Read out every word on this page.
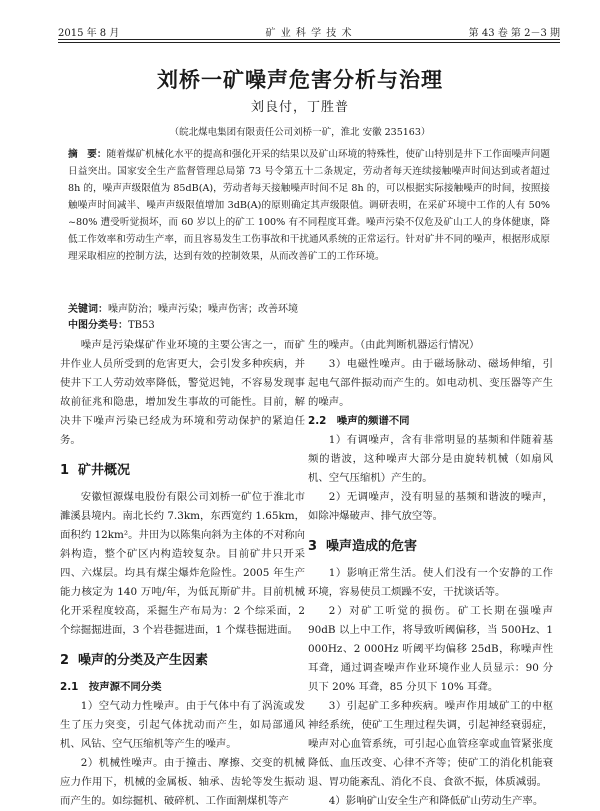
2015 年 8 月	矿 业 科 学 技 术	第 43 卷 第 2－3 期
刘桥一矿噪声危害分析与治理
刘良付，丁胜普
（皖北煤电集团有限责任公司刘桥一矿，淮北 安徽 235163）
摘　要：随着煤矿机械化水平的提高和强化开采的结果以及矿山环境的特殊性，使矿山特别是井下工作面噪声问题日益突出。国家安全生产监督管理总局第 73 号令第五十二条规定，劳动者每天连续接触噪声时间达到或者超过 8h 的，噪声声级限值为 85dB(A)，劳动者每天接触噪声时间不足 8h 的，可以根据实际接触噪声的时间，按照接触噪声时间减半、噪声声级限值增加 3dB(A)的原则确定其声级限值。调研表明，在采矿环境中工作的人有 50% ~80% 遭受听觉损坏，而 60 岁以上的矿工 100% 有不同程度耳聋。噪声污染不仅危及矿山工人的身体健康，降低工作效率和劳动生产率，而且容易发生工伤事故和干扰通风系统的正常运行。针对矿井不同的噪声，根据形成原理采取相应的控制方法，达到有效的控制效果，从而改善矿工的工作环境。
关键词：噪声防治；噪声污染；噪声伤害；改善环境
中图分类号：TB53

噪声是污染煤矿作业环境的主要公害之一，而矿井作业人员所受到的危害更大，会引发多种疾病，并使井下工人劳动效率降低，警觉迟钝，不容易发现事故前征兆和隐患，增加发生事故的可能性。目前，解决井下噪声污染已经成为环境和劳动保护的紧迫任务。

1 矿井概况

安徽恒源煤电股份有限公司刘桥一矿位于淮北市濉溪县境内。南北长约 7.3km，东西宽约 1.65km，面积约 12km²。井田为以陈集向斜为主体的不对称向斜构造，整个矿区内构造较复杂。目前矿井只开采四、六煤层。均具有煤尘爆炸危险性。2005 年生产能力核定为 140 万吨/年，为低瓦斯矿井。目前机械化开采程度较高，采掘生产布局为：2 个综采面，2 个综掘掘进面，3 个岩巷掘进面，1 个煤巷掘进面。

2 噪声的分类及产生因素
2.1　按声源不同分类

1）空气动力性噪声。由于气体中有了涡流或发生了压力突变，引起气体扰动而产生，如局部通风机、风钻、空气压缩机等产生的噪声。

2）机械性噪声。由于撞击、摩擦、交变的机械应力作用下，机械的金属板、轴承、齿轮等发生振动而产生的。如综掘机、破碎机、工作面割煤机等产

生的噪声。（由此判断机器运行情况）

3）电磁性噪声。由于磁场脉动、磁场伸缩，引起电气部件振动而产生的。如电动机、变压器等产生的噪声。

2.2　噪声的频谱不同

1）有调噪声，含有非常明显的基频和伴随着基频的谐波，这种噪声大部分是由旋转机械（如扇风机、空气压缩机）产生的。

2）无调噪声，没有明显的基频和谐波的噪声，如除冲爆破声、排气放空等。

3 噪声造成的危害

1）影响正常生活。使人们没有一个安静的工作环境，容易使员工烦躁不安，干扰谈话等。

2）对矿工听觉的损伤。矿工长期在强噪声 90dB 以上中工作，将导致听阈偏移，当 500Hz、1 000Hz、2 000Hz 听阈平均偏移 25dB，称噪声性耳聋，通过调查噪声作业环境作业人员显示：90 分贝下 20% 耳聋，85 分贝下 10% 耳聋。

3）引起矿工多种疾病。噪声作用域矿工的中枢神经系统，使矿工生理过程失调，引起神经衰弱症，噪声对心血管系统，可引起心血管痉挛或血管紧张度降低、血压改变、心律不齐等；使矿工的消化机能衰退、胃功能紊乱、消化不良、食欲不振，体质减弱。

4）影响矿山安全生产和降低矿山劳动生产率。
